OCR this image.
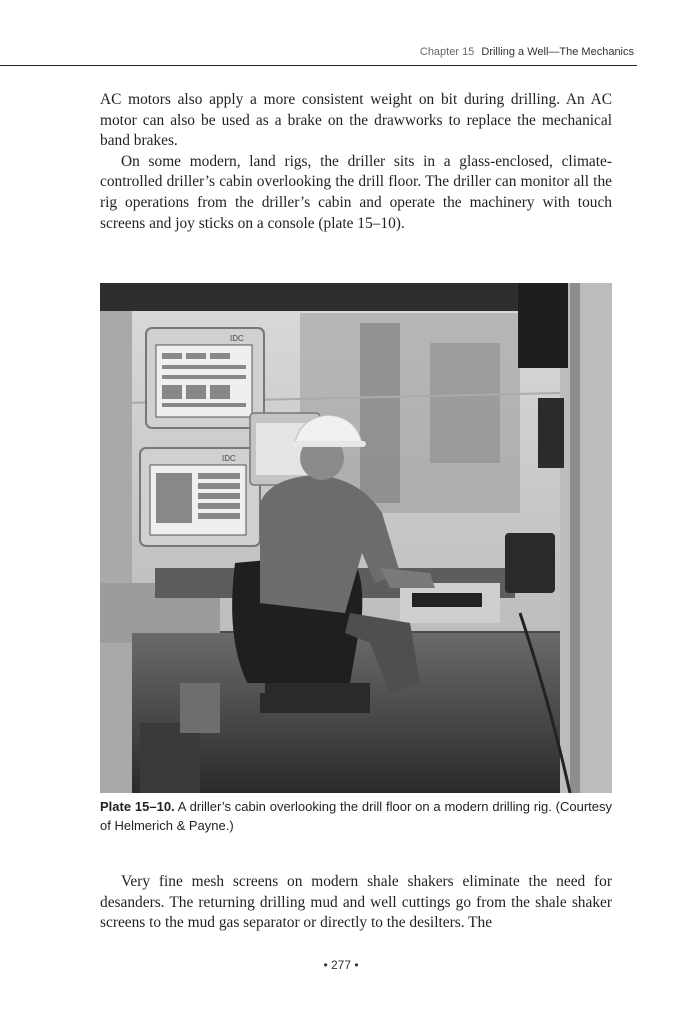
Chapter 15 Drilling a Well—The Mechanics

AC motors also apply a more consistent weight on bit during drilling. An AC motor can also be used as a brake on the drawworks to replace the mechanical band brakes.

On some modern, land rigs, the driller sits in a glass-enclosed, climate-controlled driller’s cabin overlooking the drill floor. The driller can monitor all the rig operations from the driller’s cabin and operate the machinery with touch screens and joy sticks on a console (plate 15–10).

IDC
IDC
Plate 15–10. A driller’s cabin overlooking the drill floor on a modern drilling rig. (Courtesy of Helmerich & Payne.)

Very fine mesh screens on modern shale shakers eliminate the need for desanders. The returning drilling mud and well cuttings go from the shale shaker screens to the mud gas separator or directly to the desilters. The

• 277 •
